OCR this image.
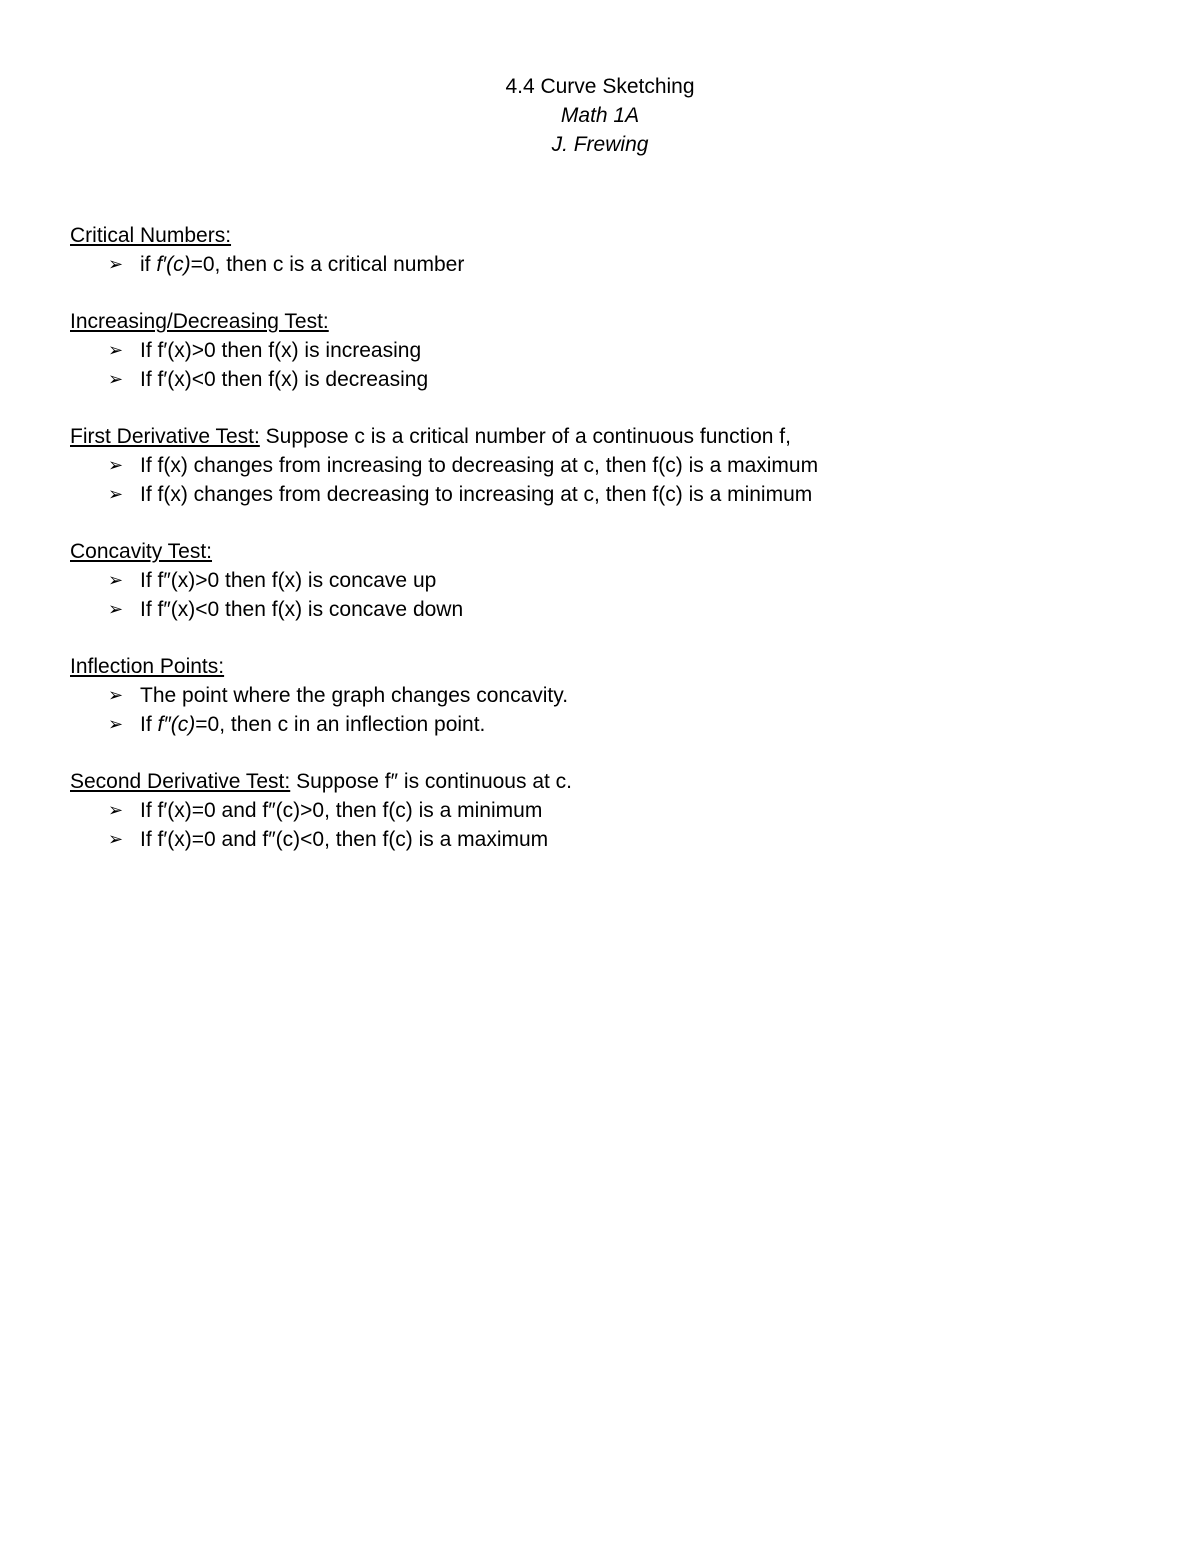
4.4 Curve Sketching
Math 1A
J. Frewing

Critical Numbers:

➢ if f′(c)=0, then c is a critical number

Increasing/Decreasing Test:

➢ If f′(x)>0 then f(x) is increasing
➢ If f′(x)<0 then f(x) is decreasing

First Derivative Test: Suppose c is a critical number of a continuous function f,

➢ If f(x) changes from increasing to decreasing at c, then f(c) is a maximum
➢ If f(x) changes from decreasing to increasing at c, then f(c) is a minimum

Concavity Test:

➢ If f″(x)>0 then f(x) is concave up
➢ If f″(x)<0 then f(x) is concave down

Inflection Points:

➢ The point where the graph changes concavity.
➢ If f″(c)=0, then c in an inflection point.

Second Derivative Test: Suppose f″ is continuous at c.

➢ If f′(x)=0 and f″(c)>0, then f(c) is a minimum
➢ If f′(x)=0 and f″(c)<0, then f(c) is a maximum
